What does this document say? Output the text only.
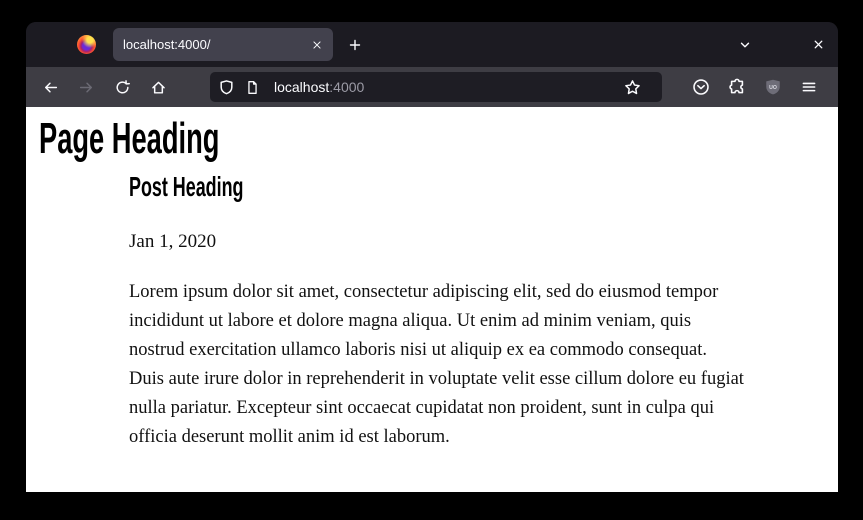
localhost:4000/
localhost:4000	UO
Page Heading
Post Heading
Jan 1, 2020
Lorem ipsum dolor sit amet, consectetur adipiscing elit, sed do eiusmod tempor
incididunt ut labore et dolore magna aliqua. Ut enim ad minim veniam, quis
nostrud exercitation ullamco laboris nisi ut aliquip ex ea commodo consequat.
Duis aute irure dolor in reprehenderit in voluptate velit esse cillum dolore eu fugiat
nulla pariatur. Excepteur sint occaecat cupidatat non proident, sunt in culpa qui
officia deserunt mollit anim id est laborum.
